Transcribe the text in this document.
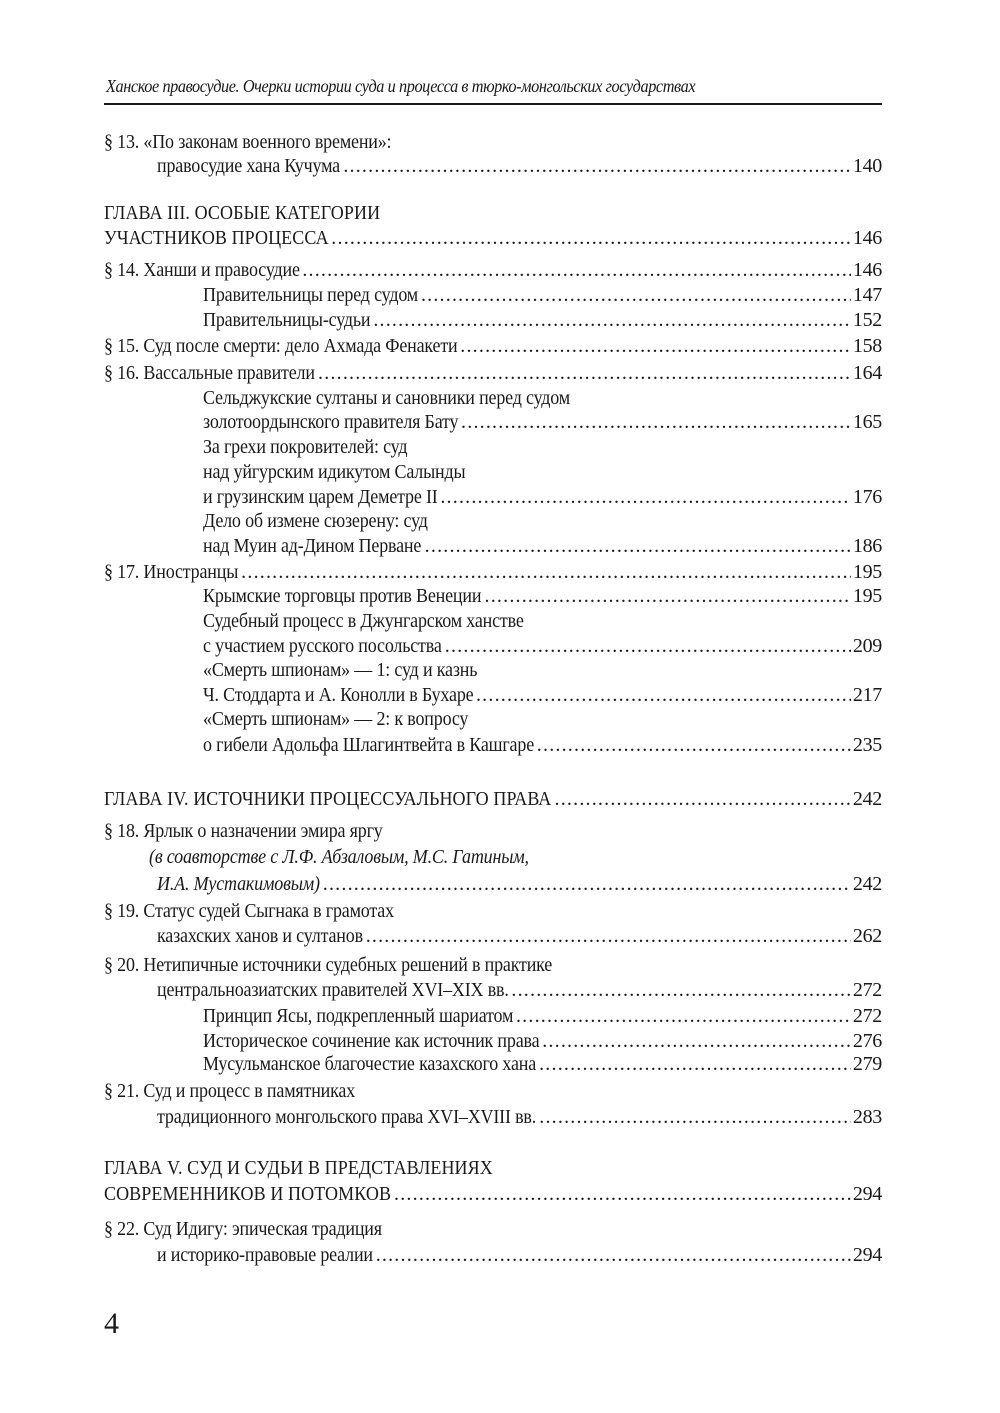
Ханское правосудие. Очерки истории суда и процесса в тюрко-монгольских государствах
§ 13. «По законам военного времени»:
правосудие хана Кучума .....	140
ГЛАВА III. ОСОБЫЕ КАТЕГОРИИ
УЧАСТНИКОВ ПРОЦЕССА .....	146
§ 14. Ханши и правосудие .....	146
Правительницы перед судом .....	147
Правительницы-судьи .....	152
§ 15. Суд после смерти: дело Ахмада Фенакети .....	158
§ 16. Вассальные правители .....	164
Сельджукские султаны и сановники перед судом
золотоордынского правителя Бату .....	165
За грехи покровителей: суд
над уйгурским идикутом Салынды
и грузинским царем Деметре II .....	176
Дело об измене сюзерену: суд
над Муин ад-Дином Перване .....	186
§ 17. Иностранцы .....	195
Крымские торговцы против Венеции .....	195
Судебный процесс в Джунгарском ханстве
с участием русского посольства .....	209
«Смерть шпионам» — 1: суд и казнь
Ч. Стоддарта и А. Конолли в Бухаре .....	217
«Смерть шпионам» — 2: к вопросу
о гибели Адольфа Шлагинтвейта в Кашгаре .....	235
ГЛАВА IV. ИСТОЧНИКИ ПРОЦЕССУАЛЬНОГО ПРАВА .....	242
§ 18. Ярлык о назначении эмира яргу
(в соавторстве с Л.Ф. Абзаловым, М.С. Гатиным,
И.А. Мустакимовым) .....	242
§ 19. Статус судей Сыгнака в грамотах
казахских ханов и султанов .....	262
§ 20. Нетипичные источники судебных решений в практике
центральноазиатских правителей XVI–XIX вв. .....	272
Принцип Ясы, подкрепленный шариатом .....	272
Историческое сочинение как источник права .....	276
Мусульманское благочестие казахского хана .....	279
§ 21. Суд и процесс в памятниках
традиционного монгольского права XVI–XVIII вв. .....	283
ГЛАВА V. СУД И СУДЬИ В ПРЕДСТАВЛЕНИЯХ
СОВРЕМЕННИКОВ И ПОТОМКОВ .....	294
§ 22. Суд Идигу: эпическая традиция
и историко-правовые реалии .....	294
4
